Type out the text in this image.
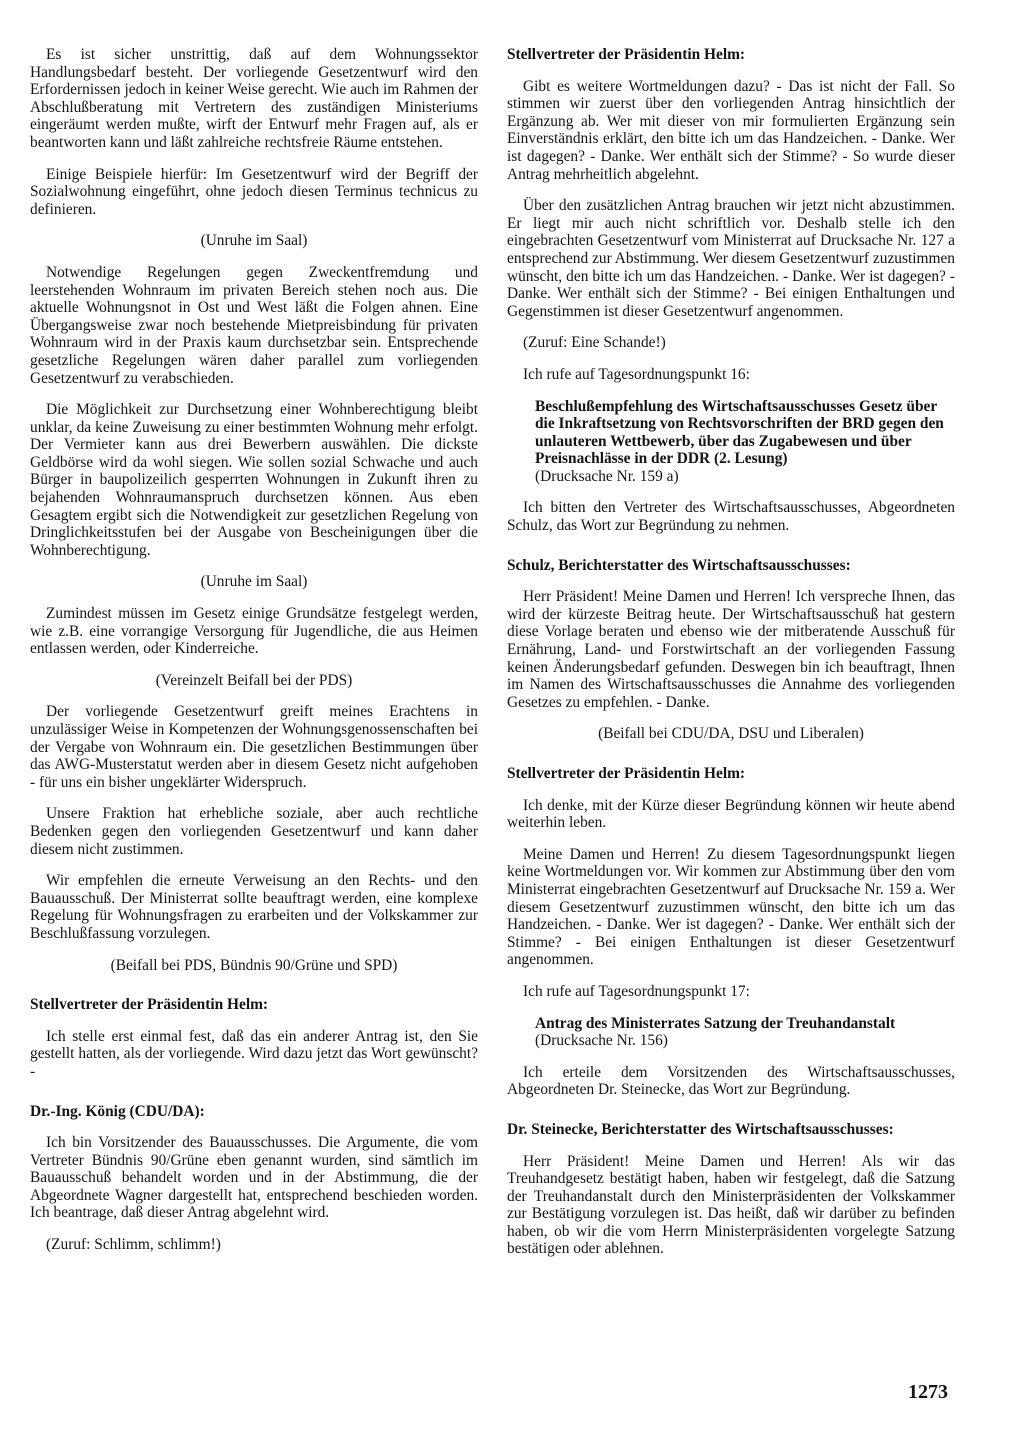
Es ist sicher unstrittig, daß auf dem Wohnungssektor Handlungsbedarf besteht. Der vorliegende Gesetzentwurf wird den Erfordernissen jedoch in keiner Weise gerecht. Wie auch im Rahmen der Abschlußberatung mit Vertretern des zuständigen Ministeriums eingeräumt werden mußte, wirft der Entwurf mehr Fragen auf, als er beantworten kann und läßt zahlreiche rechtsfreie Räume entstehen.

Einige Beispiele hierfür: Im Gesetzentwurf wird der Begriff der Sozialwohnung eingeführt, ohne jedoch diesen Terminus technicus zu definieren.

(Unruhe im Saal)

Notwendige Regelungen gegen Zweckentfremdung und leerstehenden Wohnraum im privaten Bereich stehen noch aus. Die aktuelle Wohnungsnot in Ost und West läßt die Folgen ahnen. Eine Übergangsweise zwar noch bestehende Mietpreisbindung für privaten Wohnraum wird in der Praxis kaum durchsetzbar sein. Entsprechende gesetzliche Regelungen wären daher parallel zum vorliegenden Gesetzentwurf zu verabschieden.

Die Möglichkeit zur Durchsetzung einer Wohnberechtigung bleibt unklar, da keine Zuweisung zu einer bestimmten Wohnung mehr erfolgt. Der Vermieter kann aus drei Bewerbern auswählen. Die dickste Geldbörse wird da wohl siegen. Wie sollen sozial Schwache und auch Bürger in baupolizeilich gesperrten Wohnungen in Zukunft ihren zu bejahenden Wohnraumanspruch durchsetzen können. Aus eben Gesagtem ergibt sich die Notwendigkeit zur gesetzlichen Regelung von Dringlichkeitsstufen bei der Ausgabe von Bescheinigungen über die Wohnberechtigung.

(Unruhe im Saal)

Zumindest müssen im Gesetz einige Grundsätze festgelegt werden, wie z.B. eine vorrangige Versorgung für Jugendliche, die aus Heimen entlassen werden, oder Kinderreiche.

(Vereinzelt Beifall bei der PDS)

Der vorliegende Gesetzentwurf greift meines Erachtens in unzulässiger Weise in Kompetenzen der Wohnungsgenossenschaften bei der Vergabe von Wohnraum ein. Die gesetzlichen Bestimmungen über das AWG-Musterstatut werden aber in diesem Gesetz nicht aufgehoben - für uns ein bisher ungeklärter Widerspruch.

Unsere Fraktion hat erhebliche soziale, aber auch rechtliche Bedenken gegen den vorliegenden Gesetzentwurf und kann daher diesem nicht zustimmen.

Wir empfehlen die erneute Verweisung an den Rechts- und den Bauausschuß. Der Ministerrat sollte beauftragt werden, eine komplexe Regelung für Wohnungsfragen zu erarbeiten und der Volkskammer zur Beschlußfassung vorzulegen.

(Beifall bei PDS, Bündnis 90/Grüne und SPD)

Stellvertreter der Präsidentin Helm:

Ich stelle erst einmal fest, daß das ein anderer Antrag ist, den Sie gestellt hatten, als der vorliegende. Wird dazu jetzt das Wort gewünscht? -

Dr.-Ing. König (CDU/DA):

Ich bin Vorsitzender des Bauausschusses. Die Argumente, die vom Vertreter Bündnis 90/Grüne eben genannt wurden, sind sämtlich im Bauausschuß behandelt worden und in der Abstimmung, die der Abgeordnete Wagner dargestellt hat, entsprechend beschieden worden. Ich beantrage, daß dieser Antrag abgelehnt wird.

(Zuruf: Schlimm, schlimm!)

Stellvertreter der Präsidentin Helm:

Gibt es weitere Wortmeldungen dazu? - Das ist nicht der Fall. So stimmen wir zuerst über den vorliegenden Antrag hinsichtlich der Ergänzung ab. Wer mit dieser von mir formulierten Ergänzung sein Einverständnis erklärt, den bitte ich um das Handzeichen. - Danke. Wer ist dagegen? - Danke. Wer enthält sich der Stimme? - So wurde dieser Antrag mehrheitlich abgelehnt.

Über den zusätzlichen Antrag brauchen wir jetzt nicht abzustimmen. Er liegt mir auch nicht schriftlich vor. Deshalb stelle ich den eingebrachten Gesetzentwurf vom Ministerrat auf Drucksache Nr. 127 a entsprechend zur Abstimmung. Wer diesem Gesetzentwurf zuzustimmen wünscht, den bitte ich um das Handzeichen. - Danke. Wer ist dagegen? - Danke. Wer enthält sich der Stimme? - Bei einigen Enthaltungen und Gegenstimmen ist dieser Gesetzentwurf angenommen.

(Zuruf: Eine Schande!)

Ich rufe auf Tagesordnungspunkt 16:

Beschlußempfehlung des Wirtschaftsausschusses Gesetz über die Inkraftsetzung von Rechtsvorschriften der BRD gegen den unlauteren Wettbewerb, über das Zugabewesen und über Preisnachlässe in der DDR (2. Lesung)
(Drucksache Nr. 159 a)

Ich bitten den Vertreter des Wirtschaftsausschusses, Abgeordneten Schulz, das Wort zur Begründung zu nehmen.

Schulz, Berichterstatter des Wirtschaftsausschusses:

Herr Präsident! Meine Damen und Herren! Ich verspreche Ihnen, das wird der kürzeste Beitrag heute. Der Wirtschaftsausschuß hat gestern diese Vorlage beraten und ebenso wie der mitberatende Ausschuß für Ernährung, Land- und Forstwirtschaft an der vorliegenden Fassung keinen Änderungsbedarf gefunden. Deswegen bin ich beauftragt, Ihnen im Namen des Wirtschaftsausschusses die Annahme des vorliegenden Gesetzes zu empfehlen. - Danke.

(Beifall bei CDU/DA, DSU und Liberalen)

Stellvertreter der Präsidentin Helm:

Ich denke, mit der Kürze dieser Begründung können wir heute abend weiterhin leben.

Meine Damen und Herren! Zu diesem Tagesordnungspunkt liegen keine Wortmeldungen vor. Wir kommen zur Abstimmung über den vom Ministerrat eingebrachten Gesetzentwurf auf Drucksache Nr. 159 a. Wer diesem Gesetzentwurf zuzustimmen wünscht, den bitte ich um das Handzeichen. - Danke. Wer ist dagegen? - Danke. Wer enthält sich der Stimme? - Bei einigen Enthaltungen ist dieser Gesetzentwurf angenommen.

Ich rufe auf Tagesordnungspunkt 17:

Antrag des Ministerrates Satzung der Treuhandanstalt
(Drucksache Nr. 156)

Ich erteile dem Vorsitzenden des Wirtschaftsausschusses, Abgeordneten Dr. Steinecke, das Wort zur Begründung.

Dr. Steinecke, Berichterstatter des Wirtschaftsausschusses:

Herr Präsident! Meine Damen und Herren! Als wir das Treuhandgesetz bestätigt haben, haben wir festgelegt, daß die Satzung der Treuhandanstalt durch den Ministerpräsidenten der Volkskammer zur Bestätigung vorzulegen ist. Das heißt, daß wir darüber zu befinden haben, ob wir die vom Herrn Ministerpräsidenten vorgelegte Satzung bestätigen oder ablehnen.

1273
